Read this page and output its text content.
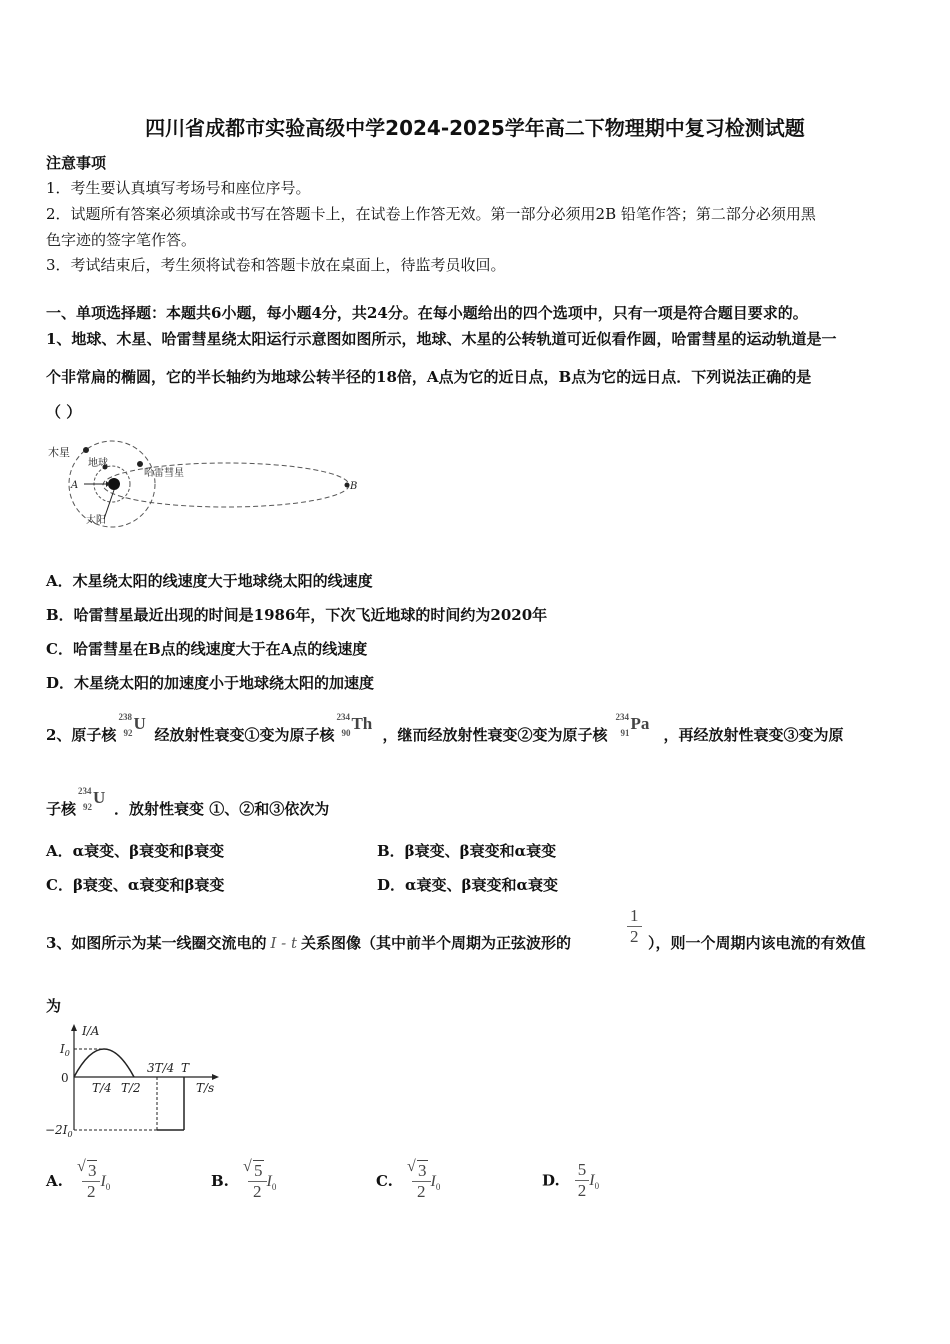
四川省成都市实验高级中学2024-2025学年高二下物理期中复习检测试题
注意事项
1．考生要认真填写考场号和座位序号。
2．试题所有答案必须填涂或书写在答题卡上，在试卷上作答无效。第一部分必须用2B 铅笔作答；第二部分必须用黑
色字迹的签字笔作答。
3．考试结束后，考生须将试卷和答题卡放在桌面上，待监考员收回。
一、单项选择题：本题共6小题，每小题4分，共24分。在每小题给出的四个选项中，只有一项是符合题目要求的。
1、地球、木星、哈雷彗星绕太阳运行示意图如图所示，地球、木星的公转轨道可近似看作圆，哈雷彗星的运动轨道是一
个非常扁的椭圆，它的半长轴约为地球公转半径的18倍，A点为它的近日点，B点为它的远日点．下列说法正确的是
（ ）
木星
地球
哈雷彗星
太阳
A	B
A．木星绕太阳的线速度大于地球绕太阳的线速度
B．哈雷彗星最近出现的时间是1986年，下次飞近地球的时间约为2020年
C．哈雷彗星在B点的线速度大于在A点的线速度
D．木星绕太阳的加速度小于地球绕太阳的加速度
2、原子核
238
92 U
经放射性衰变①变为原子核
234
90 Th
，继而经放射性衰变②变为原子核
234
91 Pa
，再经放射性衰变③变为原
子核
234
92 U
．放射性衰变 ①、②和③依次为
A．α衰变、β衰变和β衰变	B．β衰变、β衰变和α衰变
C．β衰变、α衰变和β衰变	D．α衰变、β衰变和α衰变
3、如图所示为某一线圈交流电的 I - t 关系图像（其中前半个周期为正弦波形的	$\frac{1}{2}$ ），则一个周期内该电流的有效值
为
I/A
$I_0$
0
$-2I_0$
T/4 T/2
3T/4 T
T/s
A. √ $\frac{3}{2} I_0$	B. √ $\frac{5}{2} I_0$	C. √ $\frac{3}{2} I_0$	D. $\frac{5}{2} I_0$
